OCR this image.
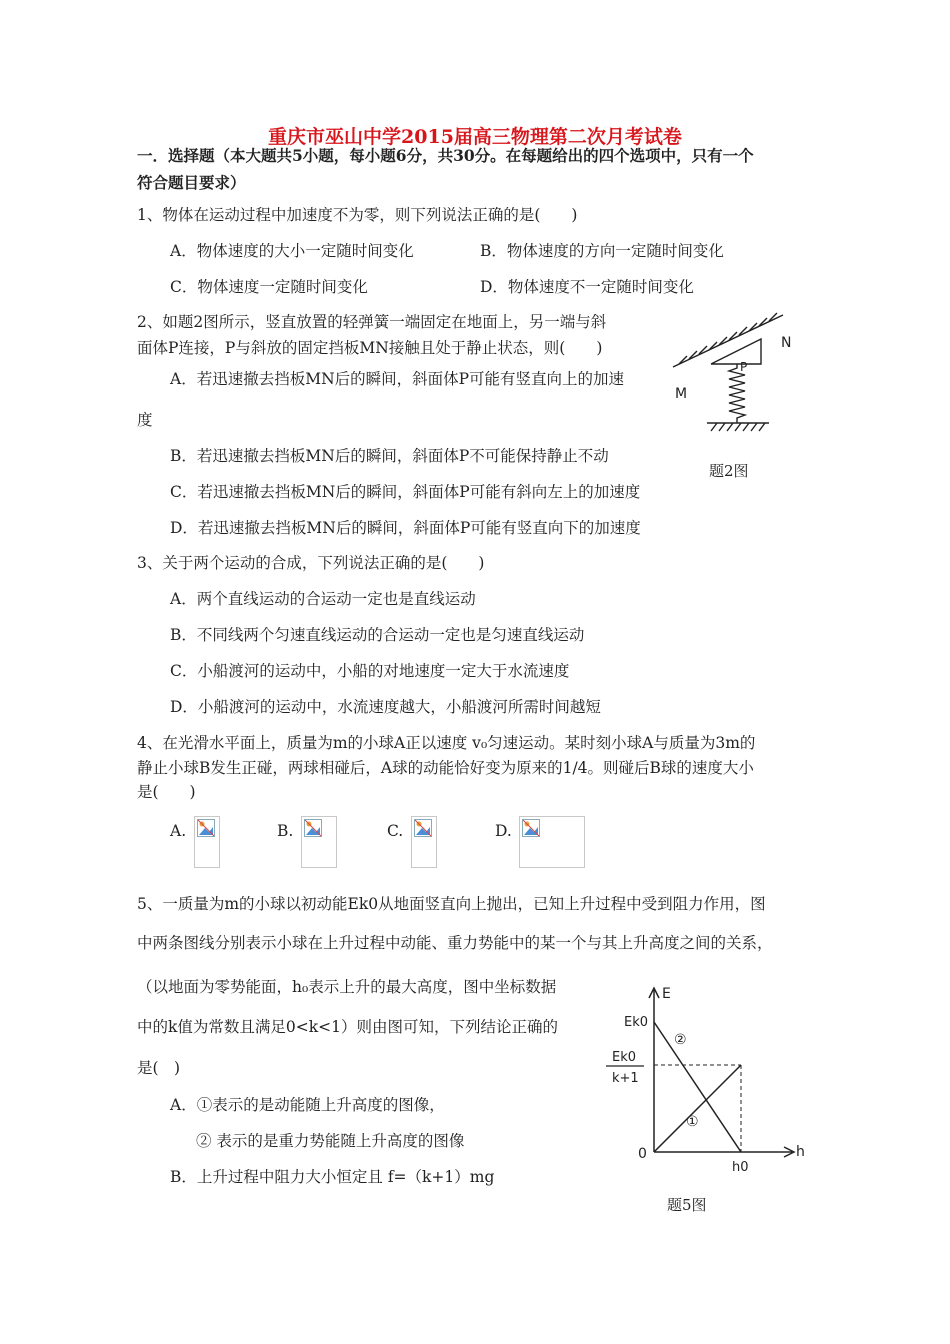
重庆市巫山中学2015届高三物理第二次月考试卷
一．选择题（本大题共5小题，每小题6分，共30分。在每题给出的四个选项中，只有一个
符合题目要求）
1、物体在运动过程中加速度不为零，则下列说法正确的是(　　)
A．物体速度的大小一定随时间变化	B．物体速度的方向一定随时间变化
C．物体速度一定随时间变化	D．物体速度不一定随时间变化
2、如题2图所示，竖直放置的轻弹簧一端固定在地面上，另一端与斜
面体P连接，P与斜放的固定挡板MN接触且处于静止状态，则(　　)
A．若迅速撤去挡板MN后的瞬间，斜面体P可能有竖直向上的加速
度
B．若迅速撤去挡板MN后的瞬间，斜面体P不可能保持静止不动
C．若迅速撤去挡板MN后的瞬间，斜面体P可能有斜向左上的加速度
D．若迅速撤去挡板MN后的瞬间，斜面体P可能有竖直向下的加速度
N
M
P
题2图
3、关于两个运动的合成，下列说法正确的是(　　)
A．两个直线运动的合运动一定也是直线运动
B．不同线两个匀速直线运动的合运动一定也是匀速直线运动
C．小船渡河的运动中，小船的对地速度一定大于水流速度
D．小船渡河的运动中，水流速度越大，小船渡河所需时间越短
4、在光滑水平面上，质量为m的小球A正以速度 v₀匀速运动。某时刻小球A与质量为3m的
静止小球B发生正碰，两球相碰后，A球的动能恰好变为原来的1/4。则碰后B球的速度大小
是(　　)
A.	B.	C.	D.
5、一质量为m的小球以初动能Ek0从地面竖直向上抛出，已知上升过程中受到阻力作用，图
中两条图线分别表示小球在上升过程中动能、重力势能中的某一个与其上升高度之间的关系，
（以地面为零势能面，h₀表示上升的最大高度，图中坐标数据
中的k值为常数且满足0<k<1）则由图可知，下列结论正确的
是(　)
A．①表示的是动能随上升高度的图像，
② 表示的是重力势能随上升高度的图像
B．上升过程中阻力大小恒定且 f=（k+1）mg
E
h
Ek0
Ek0
k+1
0
h0
①
②
题5图
